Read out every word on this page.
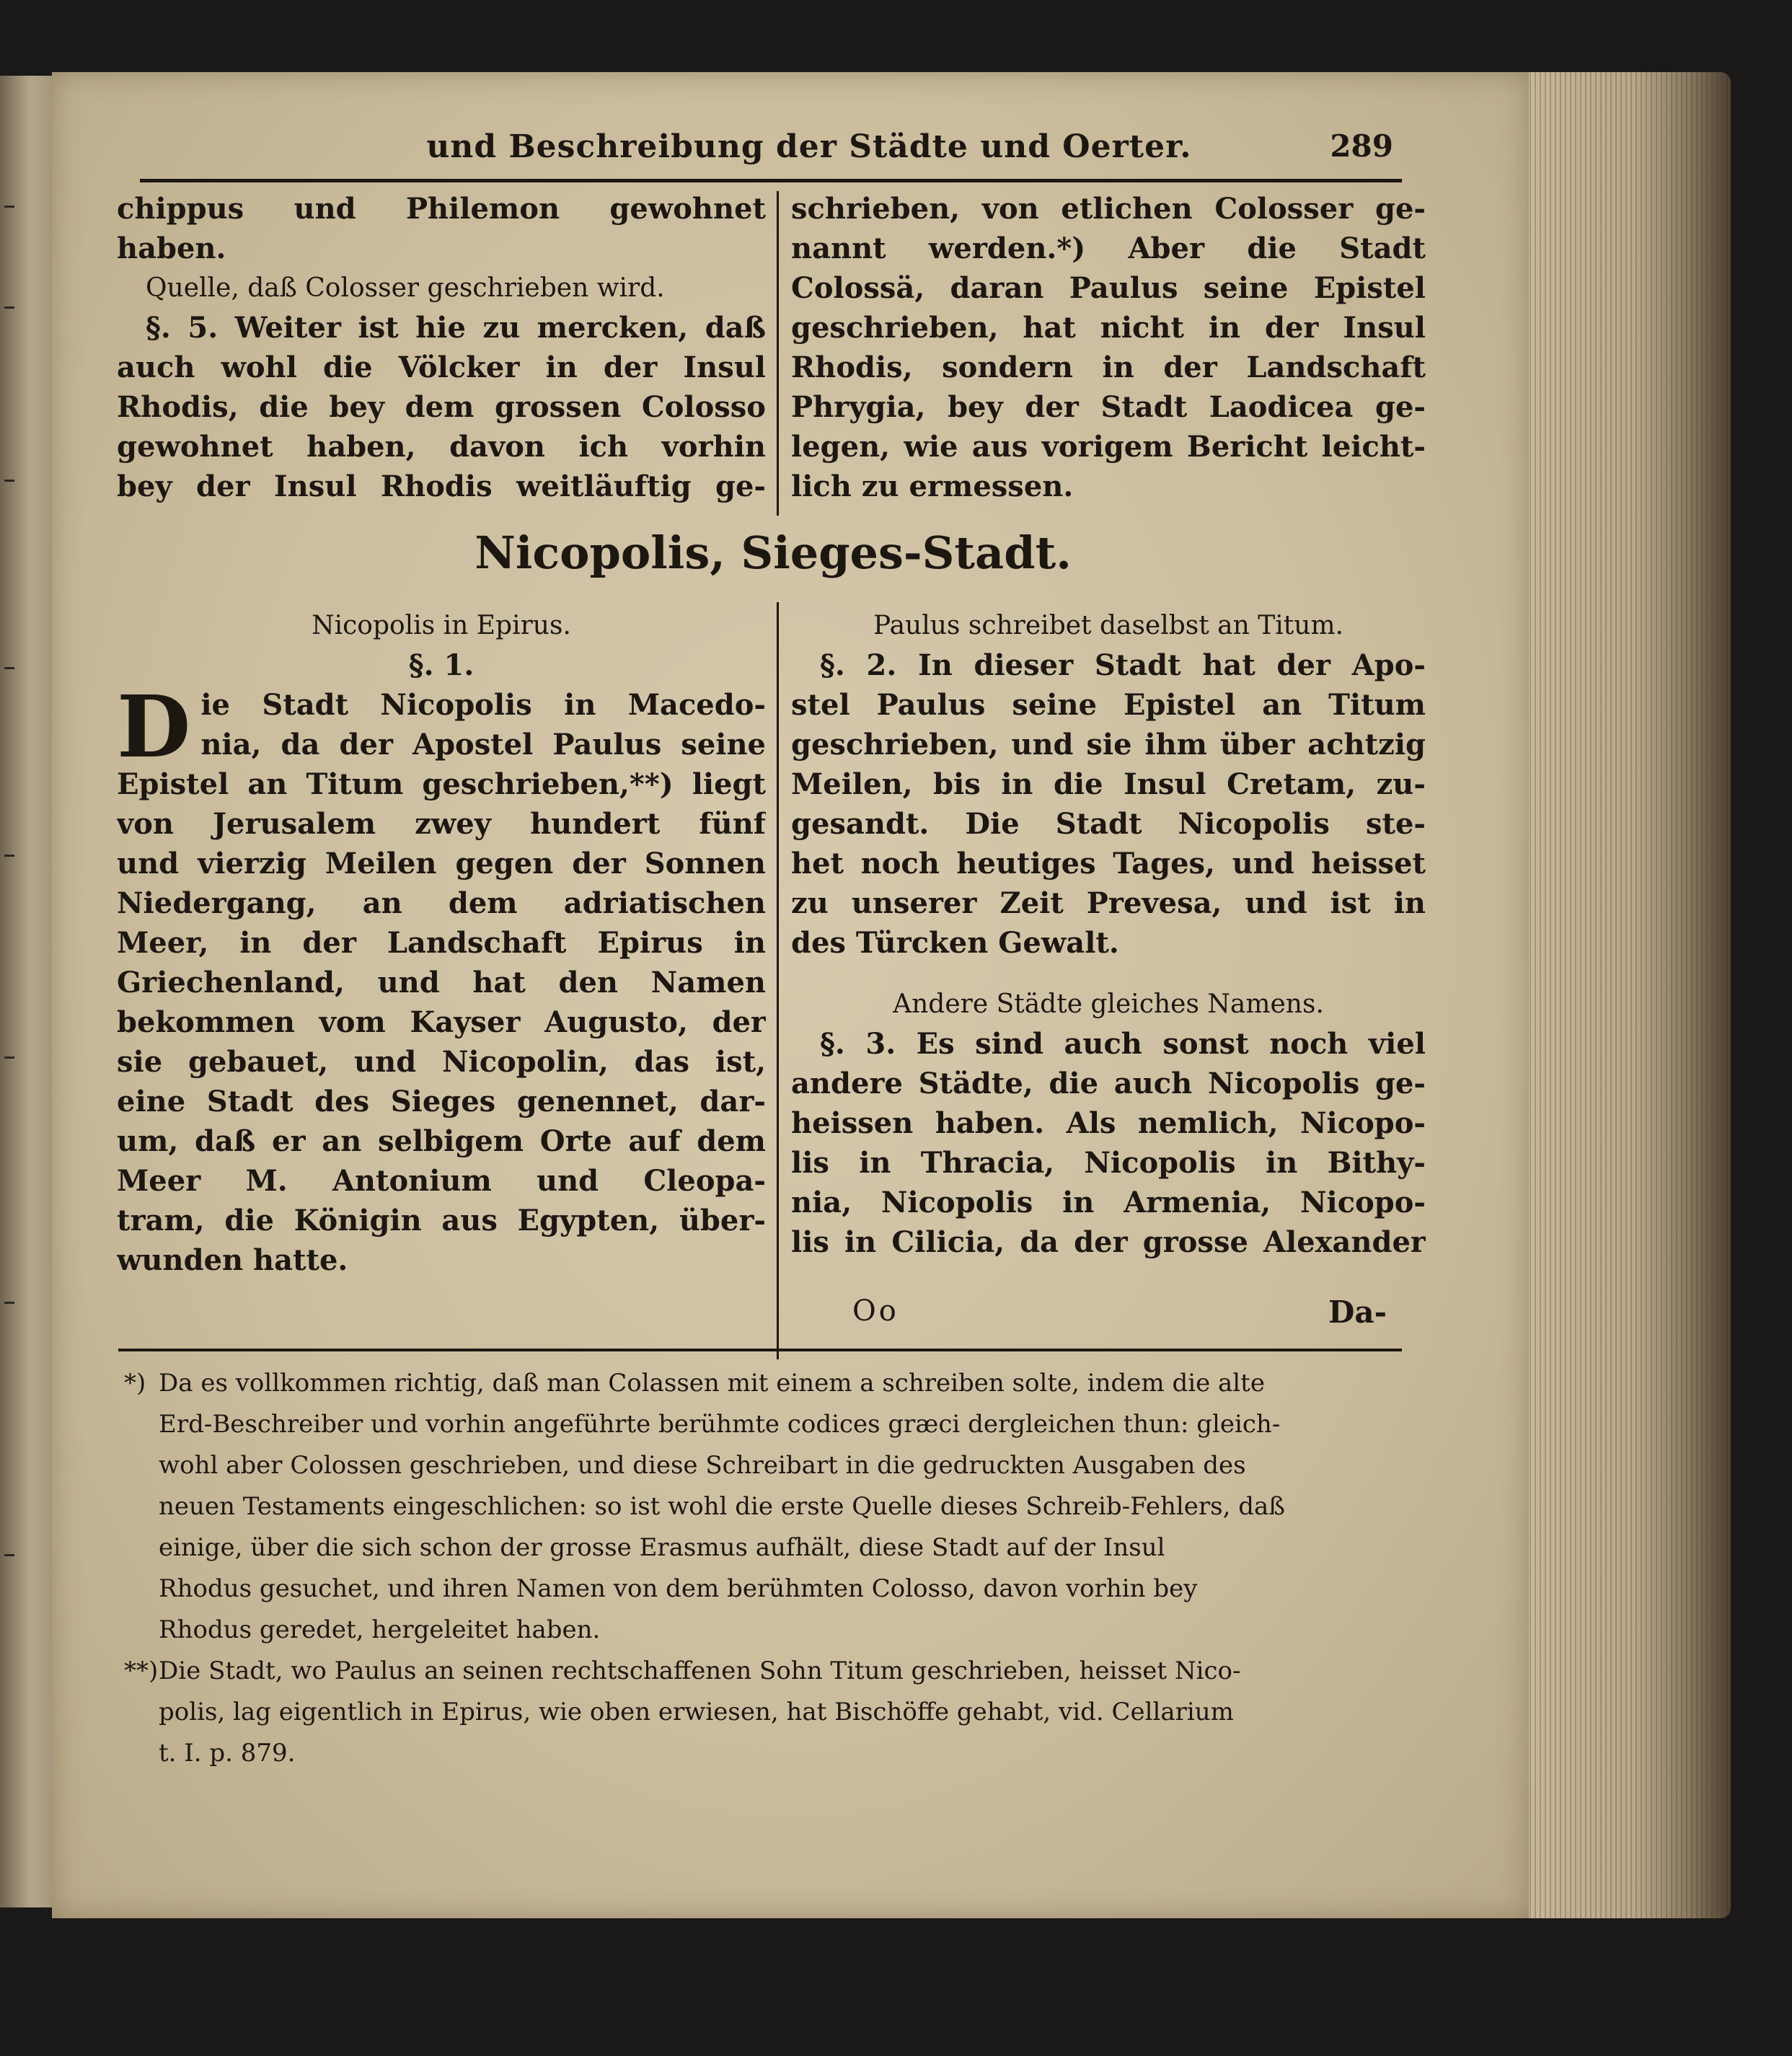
und Beschreibung der Städte und Oerter.	289
chippus und Philemon gewohnet
haben.
Quelle, daß Colosser geschrieben wird.
§. 5. Weiter ist hie zu mercken, daß
auch wohl die Völcker in der Insul
Rhodis, die bey dem grossen Colosso
gewohnet haben, davon ich vorhin
bey der Insul Rhodis weitläuftig ge-
schrieben, von etlichen Colosser ge-
nannt werden.*) Aber die Stadt
Colossä, daran Paulus seine Epistel
geschrieben, hat nicht in der Insul
Rhodis, sondern in der Landschaft
Phrygia, bey der Stadt Laodicea ge-
legen, wie aus vorigem Bericht leicht-
lich zu ermessen.
Nicopolis, Sieges-Stadt.
Nicopolis in Epirus.
§. 1.
D ie Stadt Nicopolis in Macedo-
nia, da der Apostel Paulus seine
Epistel an Titum geschrieben,**) liegt
von Jerusalem zwey hundert fünf
und vierzig Meilen gegen der Sonnen
Niedergang, an dem adriatischen
Meer, in der Landschaft Epirus in
Griechenland, und hat den Namen
bekommen vom Kayser Augusto, der
sie gebauet, und Nicopolin, das ist,
eine Stadt des Sieges genennet, dar-
um, daß er an selbigem Orte auf dem
Meer M. Antonium und Cleopa-
tram, die Königin aus Egypten, über-
wunden hatte.
Paulus schreibet daselbst an Titum.
§. 2. In dieser Stadt hat der Apo-
stel Paulus seine Epistel an Titum
geschrieben, und sie ihm über achtzig
Meilen, bis in die Insul Cretam, zu-
gesandt. Die Stadt Nicopolis ste-
het noch heutiges Tages, und heisset
zu unserer Zeit Prevesa, und ist in
des Türcken Gewalt.
Andere Städte gleiches Namens.
§. 3. Es sind auch sonst noch viel
andere Städte, die auch Nicopolis ge-
heissen haben. Als nemlich, Nicopo-
lis in Thracia, Nicopolis in Bithy-
nia, Nicopolis in Armenia, Nicopo-
lis in Cilicia, da der grosse Alexander
Oo	Da-
*) Da es vollkommen richtig, daß man Colassen mit einem a schreiben solte, indem die alte
Erd-Beschreiber und vorhin angeführte berühmte codices græci dergleichen thun: gleich-
wohl aber Colossen geschrieben, und diese Schreibart in die gedruckten Ausgaben des
neuen Testaments eingeschlichen: so ist wohl die erste Quelle dieses Schreib-Fehlers, daß
einige, über die sich schon der grosse Erasmus aufhält, diese Stadt auf der Insul
Rhodus gesuchet, und ihren Namen von dem berühmten Colosso, davon vorhin bey
Rhodus geredet, hergeleitet haben.
**)Die Stadt, wo Paulus an seinen rechtschaffenen Sohn Titum geschrieben, heisset Nico-
polis, lag eigentlich in Epirus, wie oben erwiesen, hat Bischöffe gehabt, vid. Cellarium
t. I. p. 879.
